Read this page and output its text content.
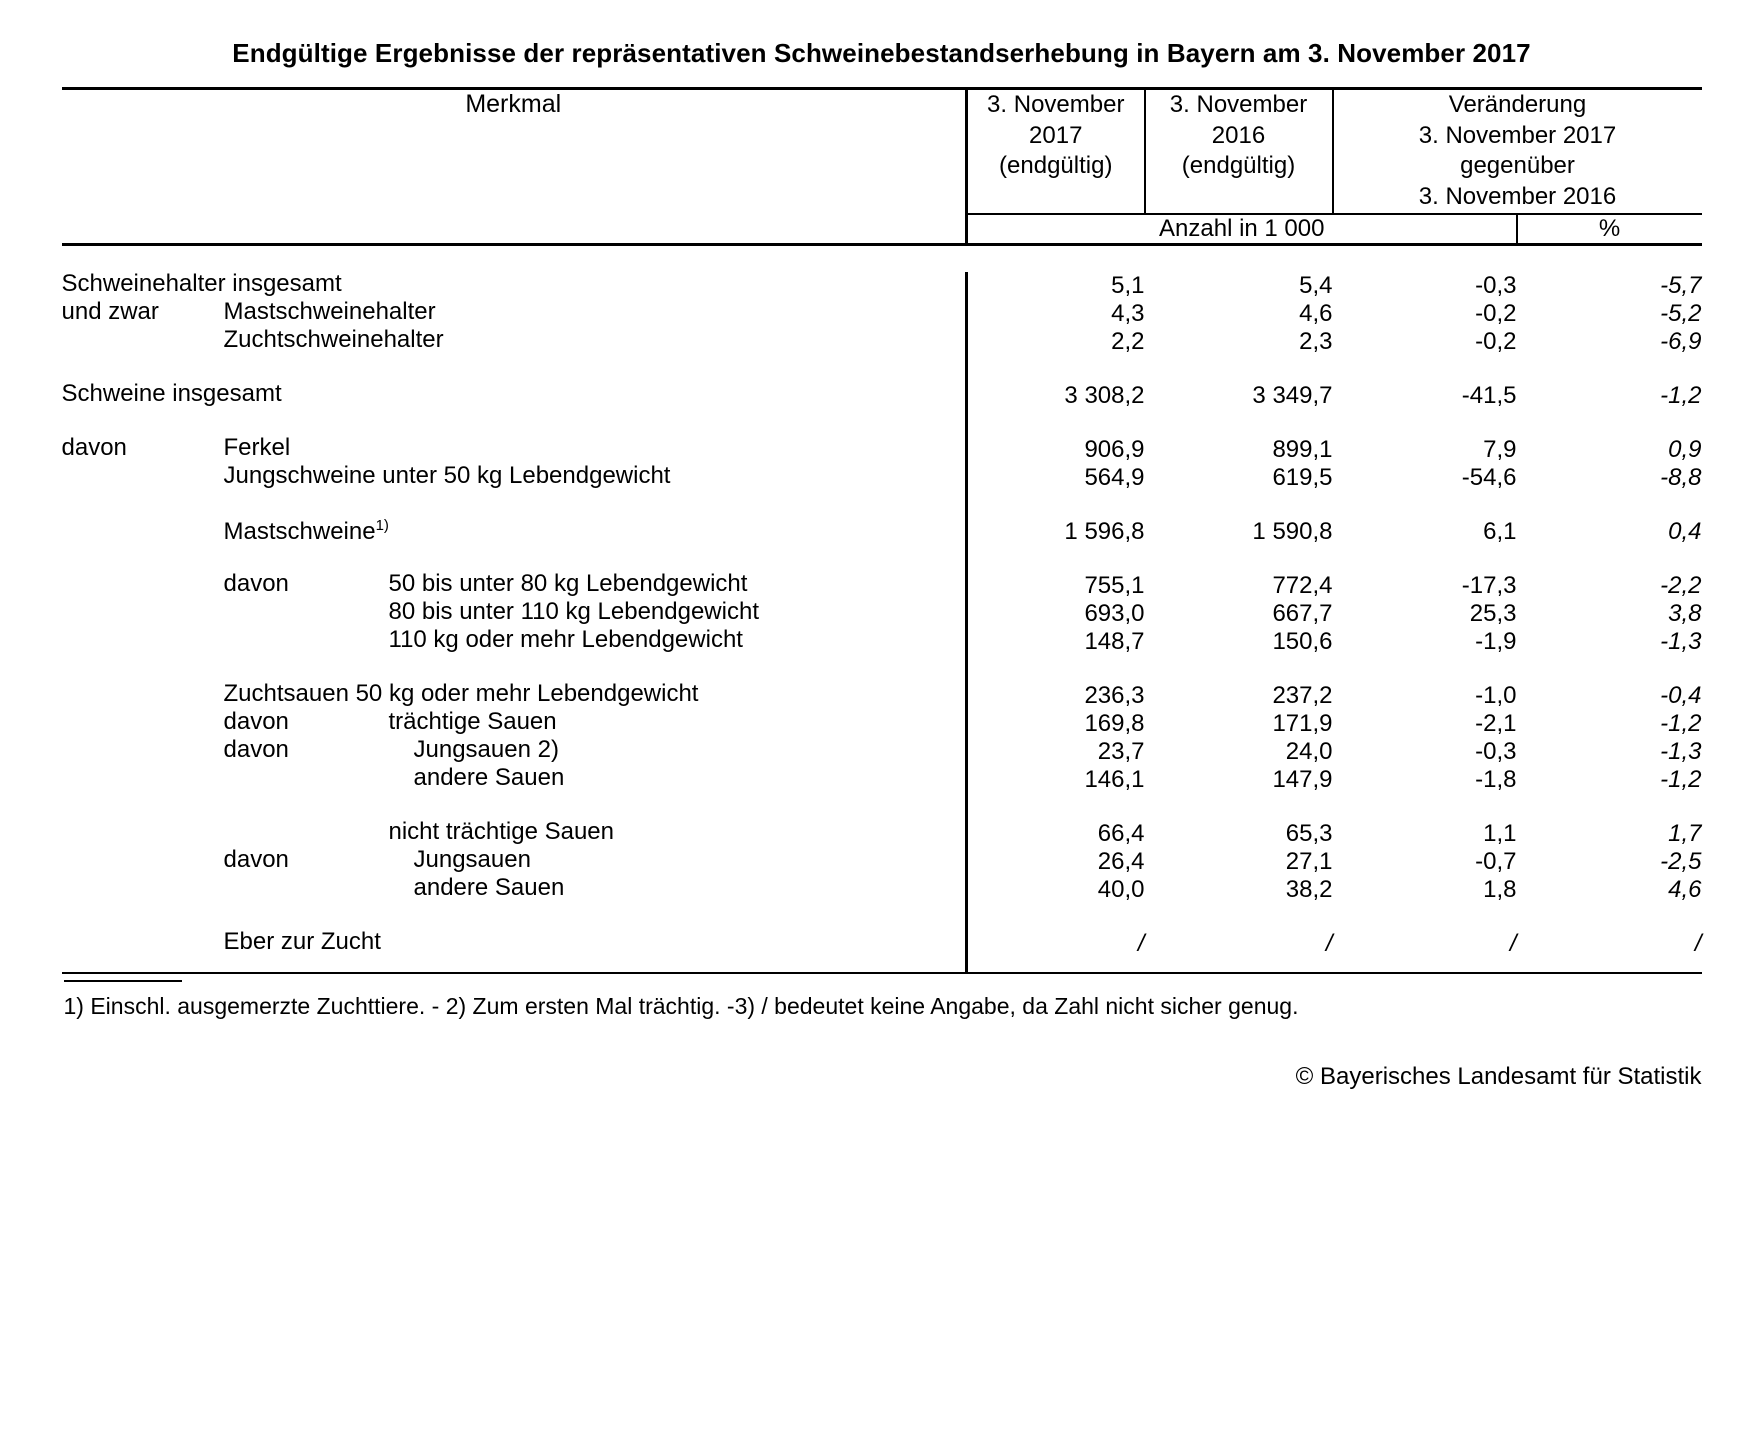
Endgültige Ergebnisse der repräsentativen Schweinebestandserhebung in Bayern am 3. November 2017

Merkmal	3. November
2017
(endgültig)	3. November
2016
(endgültig)	Veränderung
3. November 2017
gegenüber
3. November 2016	
	Anzahl in 1 000			%

Schweinehalter insgesamt	5,1	5,4	-0,3	-5,7
und zwar Mastschweinehalter	4,3	4,6	-0,2	-5,2
Zuchtschweinehalter	2,2	2,3	-0,2	-6,9

Schweine insgesamt	3 308,2	3 349,7	-41,5	-1,2

davon Ferkel	906,9	899,1	7,9	0,9
Jungschweine unter 50 kg Lebendgewicht	564,9	619,5	-54,6	-8,8

Mastschweine$^{1)}$	1 596,8	1 590,8	6,1	0,4

davon 50 bis unter 80 kg Lebendgewicht	755,1	772,4	-17,3	-2,2
80 bis unter 110 kg Lebendgewicht	693,0	667,7	25,3	3,8
110 kg oder mehr Lebendgewicht	148,7	150,6	-1,9	-1,3

Zuchtsauen 50 kg oder mehr Lebendgewicht	236,3	237,2	-1,0	-0,4
davon trächtige Sauen	169,8	171,9	-2,1	-1,2
davon Jungsauen 2)	23,7	24,0	-0,3	-1,3
andere Sauen	146,1	147,9	-1,8	-1,2

nicht trächtige Sauen	66,4	65,3	1,1	1,7
davon Jungsauen	26,4	27,1	-0,7	-2,5
andere Sauen	40,0	38,2	1,8	4,6

Eber zur Zucht	/	/	/	/

1) Einschl. ausgemerzte Zuchttiere. - 2) Zum ersten Mal trächtig. -3) / bedeutet keine Angabe, da Zahl nicht sicher genug.
© Bayerisches Landesamt für Statistik
